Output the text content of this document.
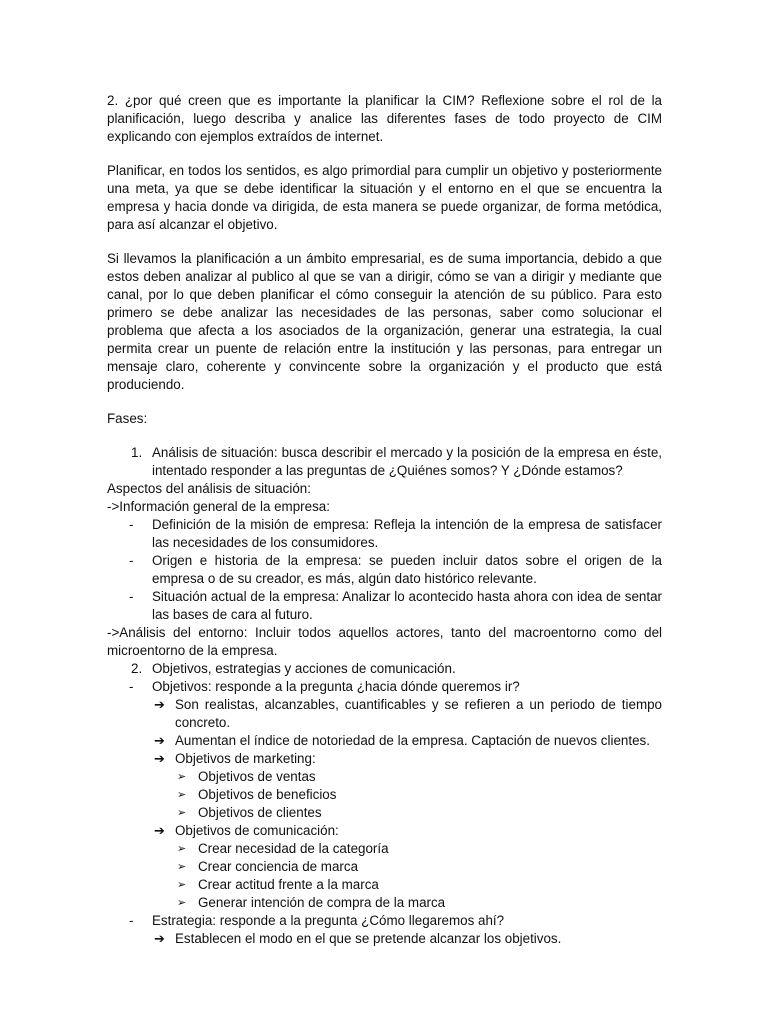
2. ¿por qué creen que es importante la planificar la CIM? Reflexione sobre el rol de la planificación, luego describa y analice las diferentes fases de todo proyecto de CIM explicando con ejemplos extraídos de internet.

Planificar, en todos los sentidos, es algo primordial para cumplir un objetivo y posteriormente una meta, ya que se debe identificar la situación y el entorno en el que se encuentra la empresa y hacia donde va dirigida, de esta manera se puede organizar, de forma metódica, para así alcanzar el objetivo.

Si llevamos la planificación a un ámbito empresarial, es de suma importancia, debido a que estos deben analizar al publico al que se van a dirigir, cómo se van a dirigir y mediante que canal, por lo que deben planificar el cómo conseguir la atención de su público. Para esto primero se debe analizar las necesidades de las personas, saber como solucionar el problema que afecta a los asociados de la organización, generar una estrategia, la cual permita crear un puente de relación entre la institución y las personas, para entregar un mensaje claro, coherente y convincente sobre la organización y el producto que está produciendo.

Fases:

1. Análisis de situación: busca describir el mercado y la posición de la empresa en éste, intentado responder a las preguntas de ¿Quiénes somos? Y ¿Dónde estamos?

Aspectos del análisis de situación:

->Información general de la empresa:

- Definición de la misión de empresa: Refleja la intención de la empresa de satisfacer las necesidades de los consumidores.
- Origen e historia de la empresa: se pueden incluir datos sobre el origen de la empresa o de su creador, es más, algún dato histórico relevante.
- Situación actual de la empresa: Analizar lo acontecido hasta ahora con idea de sentar las bases de cara al futuro.

->Análisis del entorno: Incluir todos aquellos actores, tanto del macroentorno como del microentorno de la empresa.

2. Objetivos, estrategias y acciones de comunicación.
- Objetivos: responde a la pregunta ¿hacia dónde queremos ir?
➔ Son realistas, alcanzables, cuantificables y se refieren a un periodo de tiempo concreto.
➔ Aumentan el índice de notoriedad de la empresa. Captación de nuevos clientes.
➔ Objetivos de marketing:
➢ Objetivos de ventas
➢ Objetivos de beneficios
➢ Objetivos de clientes
➔ Objetivos de comunicación:
➢ Crear necesidad de la categoría
➢ Crear conciencia de marca
➢ Crear actitud frente a la marca
➢ Generar intención de compra de la marca
- Estrategia: responde a la pregunta ¿Cómo llegaremos ahí?
➔ Establecen el modo en el que se pretende alcanzar los objetivos.
